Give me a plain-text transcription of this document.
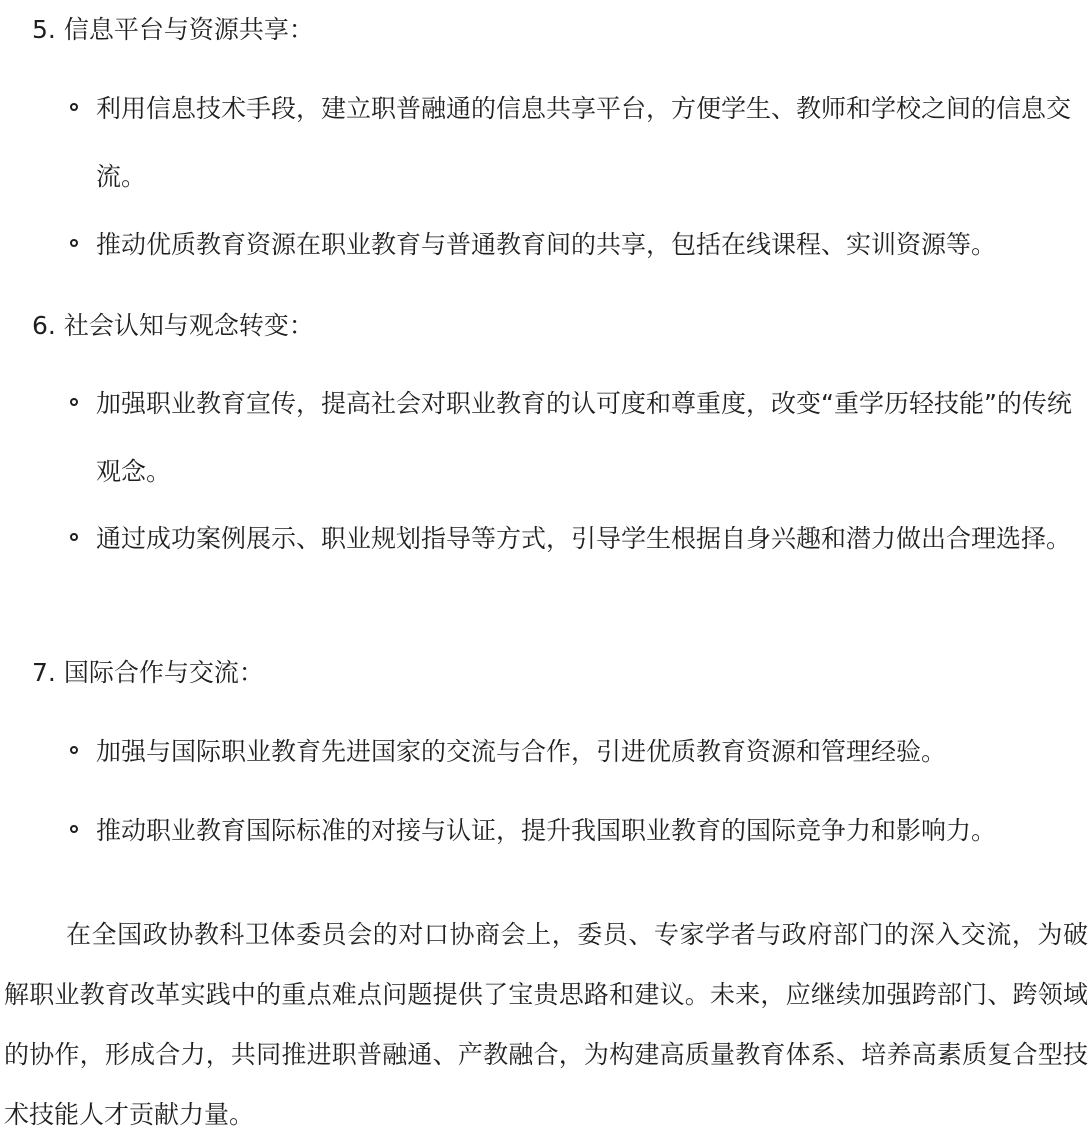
5. 信息平台与资源共享：
利用信息技术手段，建立职普融通的信息共享平台，方便学生、教师和学校之间的信息交流。
推动优质教育资源在职业教育与普通教育间的共享，包括在线课程、实训资源等。
6. 社会认知与观念转变：
加强职业教育宣传，提高社会对职业教育的认可度和尊重度，改变“重学历轻技能”的传统观念。
通过成功案例展示、职业规划指导等方式，引导学生根据自身兴趣和潜力做出合理选择。
7. 国际合作与交流：
加强与国际职业教育先进国家的交流与合作，引进优质教育资源和管理经验。
推动职业教育国际标准的对接与认证，提升我国职业教育的国际竞争力和影响力。

在全国政协教科卫体委员会的对口协商会上，委员、专家学者与政府部门的深入交流，为破解职业教育改革实践中的重点难点问题提供了宝贵思路和建议。未来，应继续加强跨部门、跨领域的协作，形成合力，共同推进职普融通、产教融合，为构建高质量教育体系、培养高素质复合型技术技能人才贡献力量。
